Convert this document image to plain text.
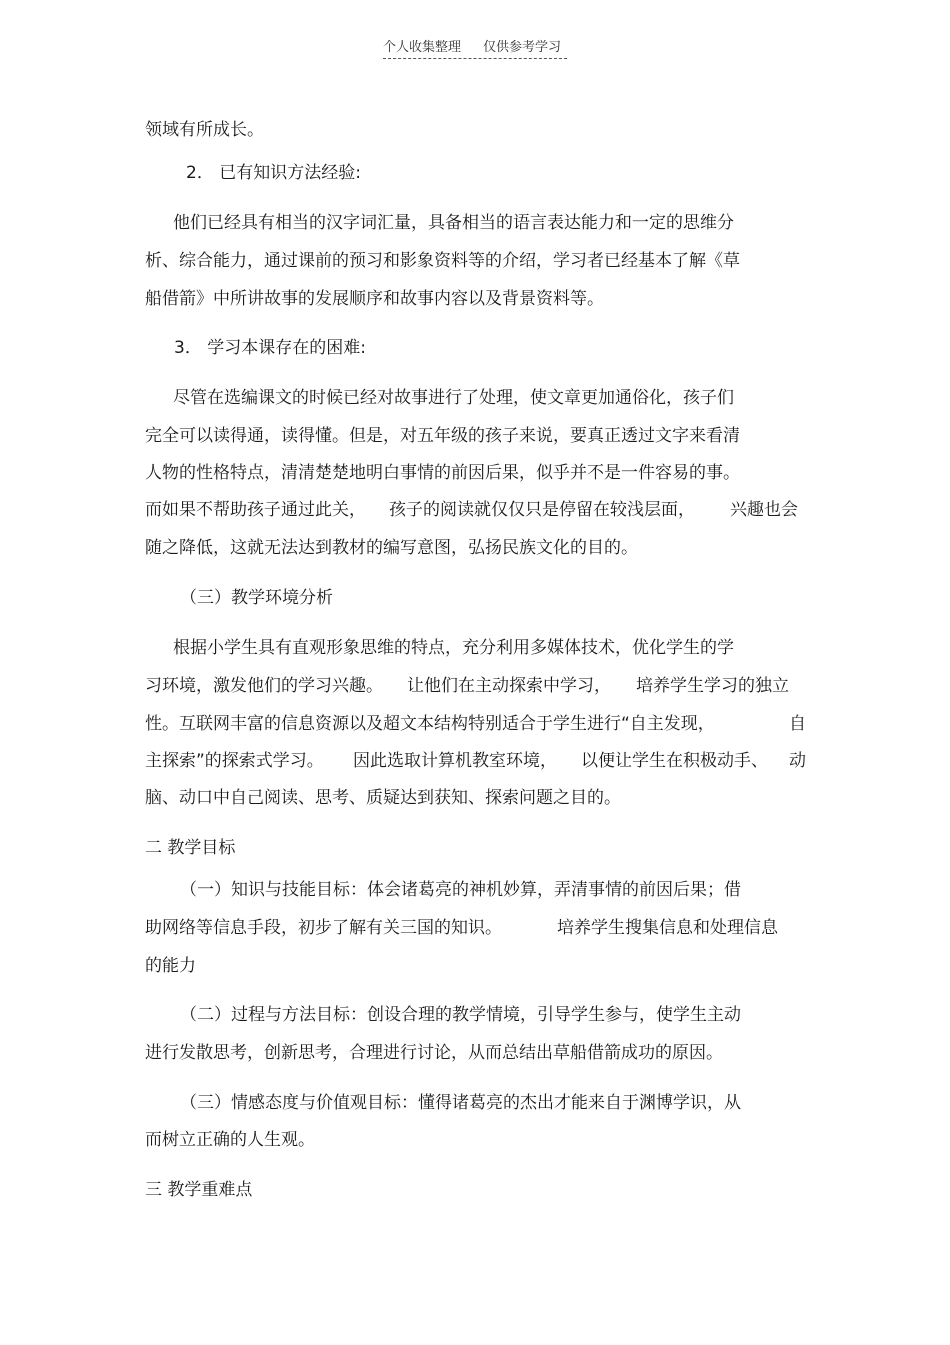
个人收集整理 仅供参考学习
领域有所成长。
2． 已有知识方法经验:
他们已经具有相当的汉字词汇量，具备相当的语言表达能力和一定的思维分
析、综合能力，通过课前的预习和影象资料等的介绍，学习者已经基本了解《草
船借箭》中所讲故事的发展顺序和故事内容以及背景资料等。
3． 学习本课存在的困难:
尽管在选编课文的时候已经对故事进行了处理，使文章更加通俗化，孩子们
完全可以读得通，读得懂。但是，对五年级的孩子来说，要真正透过文字来看清
人物的性格特点，清清楚楚地明白事情的前因后果，似乎并不是一件容易的事。
而如果不帮助孩子通过此关， 孩子的阅读就仅仅只是停留在较浅层面， 兴趣也会
随之降低，这就无法达到教材的编写意图，弘扬民族文化的目的。
（三）教学环境分析
根据小学生具有直观形象思维的特点，充分利用多媒体技术，优化学生的学
习环境，激发他们的学习兴趣。 让他们在主动探索中学习， 培养学生学习的独立
性。互联网丰富的信息资源以及超文本结构特别适合于学生进行“自主发现，	自
主探索”的探索式学习。 因此选取计算机教室环境， 以便让学生在积极动手、 动
脑、动口中自己阅读、思考、质疑达到获知、探索问题之目的。
二 教学目标
（一）知识与技能目标：体会诸葛亮的神机妙算，弄清事情的前因后果；借
助网络等信息手段，初步了解有关三国的知识。	培养学生搜集信息和处理信息
的能力
（二）过程与方法目标：创设合理的教学情境，引导学生参与，使学生主动
进行发散思考，创新思考，合理进行讨论，从而总结出草船借箭成功的原因。
（三）情感态度与价值观目标：懂得诸葛亮的杰出才能来自于渊博学识，从
而树立正确的人生观。
三 教学重难点
